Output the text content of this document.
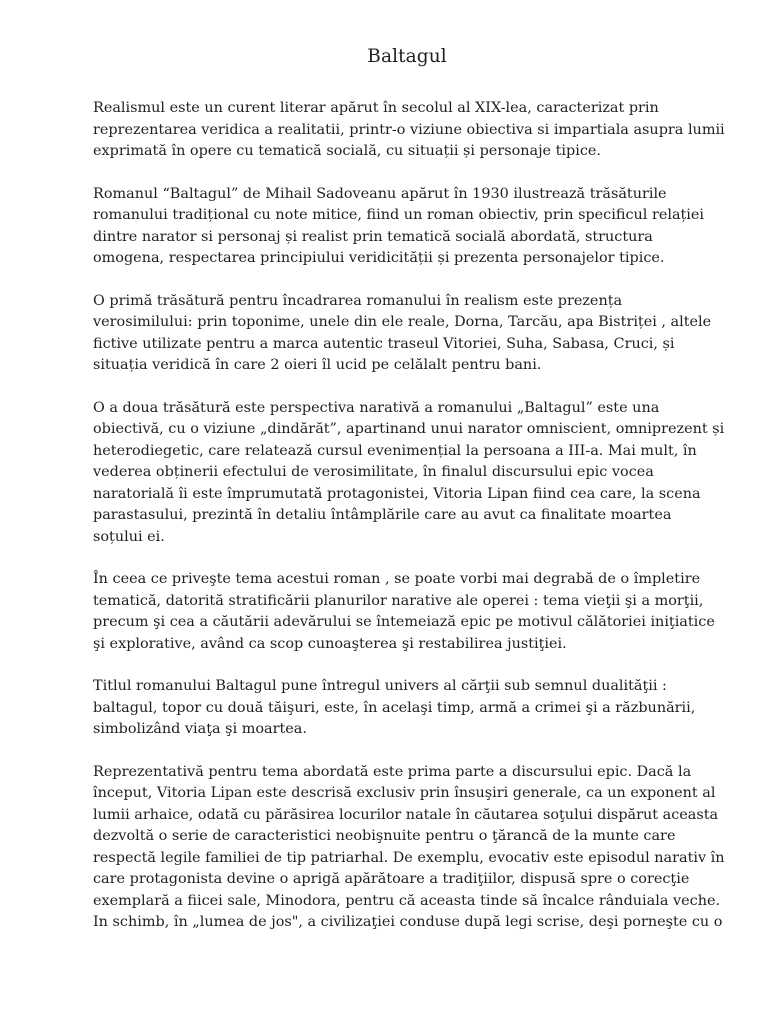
Baltagul

Realismul este un curent literar apărut în secolul al XIX-lea, caracterizat prin reprezentarea veridica a realitatii, printr-o viziune obiectiva si impartiala asupra lumii exprimată în opere cu tematică socială, cu situații și personaje tipice.

Romanul “Baltagul” de Mihail Sadoveanu apărut în 1930 ilustrează trăsăturile romanului tradițional cu note mitice, fiind un roman obiectiv, prin specificul relației dintre narator si personaj și realist prin tematică socială abordată, structura omogena, respectarea principiului veridicității și prezenta personajelor tipice.

O primă trăsătură pentru încadrarea romanului în realism este prezența verosimilului: prin toponime, unele din ele reale, Dorna, Tarcău, apa Bistriței , altele fictive utilizate pentru a marca autentic traseul Vitoriei, Suha, Sabasa, Cruci, și situația veridică în care 2 oieri îl ucid pe celălalt pentru bani.

O a doua trăsătură este perspectiva narativă a romanului „Baltagul” este una obiectivă, cu o viziune „dindărăt”, apartinand unui narator omniscient, omniprezent și heterodiegetic, care relatează cursul evenimențial la persoana a III-a. Mai mult, în vederea obținerii efectului de verosimilitate, în finalul discursului epic vocea naratorială îi este împrumutată protagonistei, Vitoria Lipan fiind cea care, la scena parastasului, prezintă în detaliu întâmplările care au avut ca finalitate moartea soțului ei.

În ceea ce priveşte tema acestui roman , se poate vorbi mai degrabă de o împletire tematică, datorită stratificării planurilor narative ale operei : tema vieţii şi a morţii, precum şi cea a căutării adevărului se întemeiază epic pe motivul călătoriei iniţiatice şi explorative, având ca scop cunoaşterea şi restabilirea justiţiei.

Titlul romanului Baltagul pune întregul univers al cărţii sub semnul dualităţii : baltagul, topor cu două tăişuri, este, în acelaşi timp, armă a crimei şi a răzbunării, simbolizând viaţa şi moartea.

Reprezentativă pentru tema abordată este prima parte a discursului epic. Dacă la început, Vitoria Lipan este descrisă exclusiv prin însuşiri generale, ca un exponent al lumii arhaice, odată cu părăsirea locurilor natale în căutarea soţului dispărut aceasta dezvoltă o serie de caracteristici neobişnuite pentru o ţărancă de la munte care respectă legile familiei de tip patriarhal. De exemplu, evocativ este episodul narativ în care protagonista devine o aprigă apărătoare a tradiţiilor, dispusă spre o corecţie exemplară a fiicei sale, Minodora, pentru că aceasta tinde să încalce rânduiala veche. In schimb, în „lumea de jos", a civilizaţiei conduse după legi scrise, deşi porneşte cu o
